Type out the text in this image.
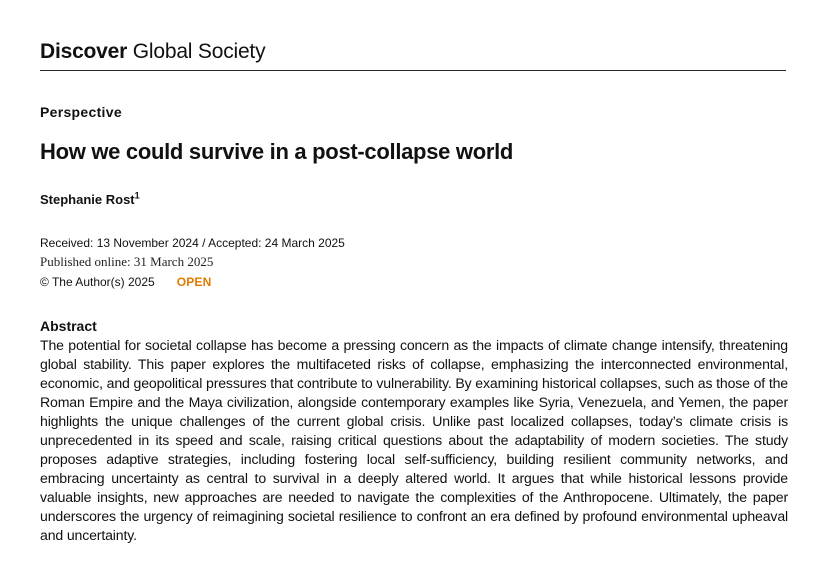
Discover Global Society
Perspective
How we could survive in a post-collapse world
Stephanie Rost$^1$
Received: 13 November 2024 / Accepted: 24 March 2025
Published online: 31 March 2025
© The Author(s) 2025 OPEN
Abstract

The potential for societal collapse has become a pressing concern as the impacts of climate change intensify, threatening global stability. This paper explores the multifaceted risks of collapse, emphasizing the interconnected environmental, economic, and geopolitical pressures that contribute to vulnerability. By examining historical collapses, such as those of the Roman Empire and the Maya civilization, alongside contemporary examples like Syria, Venezuela, and Yemen, the paper highlights the unique challenges of the current global crisis. Unlike past localized collapses, today’s climate crisis is unprecedented in its speed and scale, raising critical questions about the adaptability of modern societies. The study proposes adaptive strategies, including fostering local self-sufficiency, building resilient community networks, and embracing uncertainty as central to survival in a deeply altered world. It argues that while historical lessons provide valuable insights, new approaches are needed to navigate the complexities of the Anthropocene. Ultimately, the paper underscores the urgency of reimagining societal resilience to confront an era defined by profound environmental upheaval and uncertainty.
